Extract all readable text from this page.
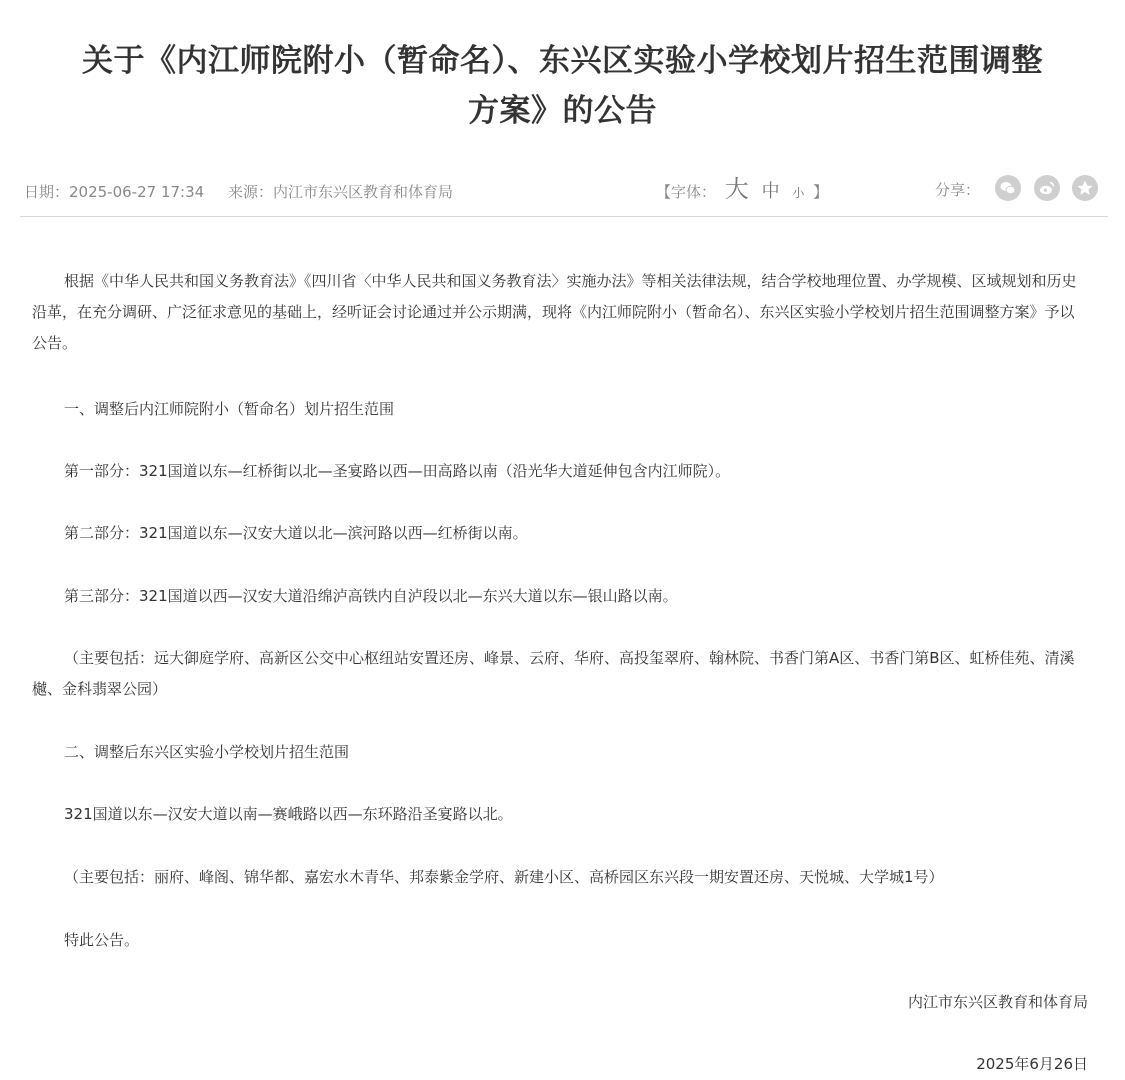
关于《内江师院附小（暂命名）、东兴区实验小学校划片招生范围调整
方案》的公告
日期：2025-06-27 17:34 来源：内江市东兴区教育和体育局	【字体： 大 中 小 】	分享：

根据《中华人民共和国义务教育法》《四川省〈中华人民共和国义务教育法〉实施办法》等相关法律法规，结合学校地理位置、办学规模、区域规划和历史沿革，在充分调研、广泛征求意见的基础上，经听证会讨论通过并公示期满，现将《内江师院附小（暂命名）、东兴区实验小学校划片招生范围调整方案》予以公告。

一、调整后内江师院附小（暂命名）划片招生范围

第一部分：321国道以东—红桥街以北—圣宴路以西—田高路以南（沿光华大道延伸包含内江师院）。

第二部分：321国道以东—汉安大道以北—滨河路以西—红桥街以南。

第三部分：321国道以西—汉安大道沿绵泸高铁内自泸段以北—东兴大道以东—银山路以南。

（主要包括：远大御庭学府、高新区公交中心枢纽站安置还房、峰景、云府、华府、高投玺翠府、翰林院、书香门第A区、书香门第B区、虹桥佳苑、清溪樾、金科翡翠公园）

二、调整后东兴区实验小学校划片招生范围

321国道以东—汉安大道以南—赛峨路以西—东环路沿圣宴路以北。

（主要包括：丽府、峰阁、锦华都、嘉宏水木青华、邦泰紫金学府、新建小区、高桥园区东兴段一期安置还房、天悦城、大学城1号）

特此公告。

内江市东兴区教育和体育局

2025年6月26日
